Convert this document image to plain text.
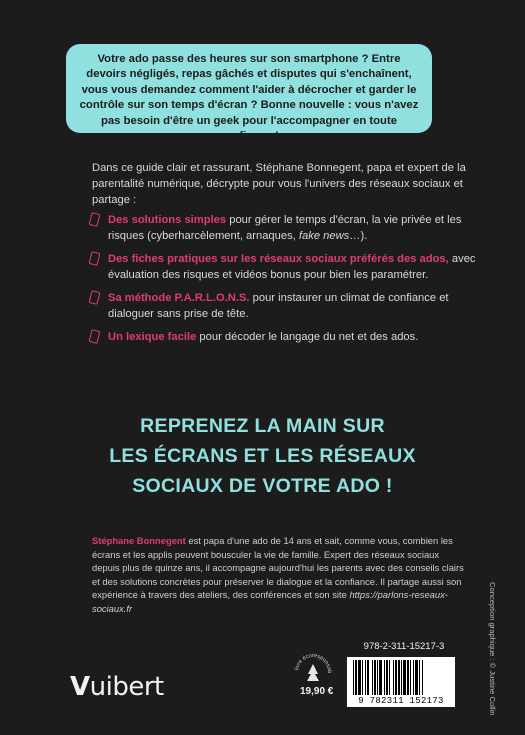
Votre ado passe des heures sur son smartphone ? Entre devoirs négligés, repas gâchés et disputes qui s'enchaînent, vous vous demandez comment l'aider à décrocher et garder le contrôle sur son temps d'écran ? Bonne nouvelle : vous n'avez pas besoin d'être un geek pour l'accompagner en toute confiance !
Dans ce guide clair et rassurant, Stéphane Bonnegent, papa et expert de la parentalité numérique, décrypte pour vous l'univers des réseaux sociaux et partage :
Des solutions simples pour gérer le temps d'écran, la vie privée et les risques (cyberharcèlement, arnaques, fake news…).
Des fiches pratiques sur les réseaux sociaux préférés des ados, avec évaluation des risques et vidéos bonus pour bien les paramétrer.
Sa méthode P.A.R.L.O.N.S. pour instaurer un climat de confiance et dialoguer sans prise de tête.
Un lexique facile pour décoder le langage du net et des ados.
REPRENEZ LA MAIN SUR
LES ÉCRANS ET LES RÉSEAUX
SOCIAUX DE VOTRE ADO !
Stéphane Bonnegent est papa d'une ado de 14 ans et sait, comme vous, combien les écrans et les applis peuvent bousculer la vie de famille. Expert des réseaux sociaux depuis plus de quinze ans, il accompagne aujourd'hui les parents avec des conseils clairs et des solutions concrètes pour préserver le dialogue et la confiance. Il partage aussi son expérience à travers des ateliers, des conférences et son site https://parlons-reseaux-sociaux.fr	Conception graphique : © Justine Collin
Vuibert
livre écoresponsab
19,90 €
978-2-311-15217-3
9 782311 152173
